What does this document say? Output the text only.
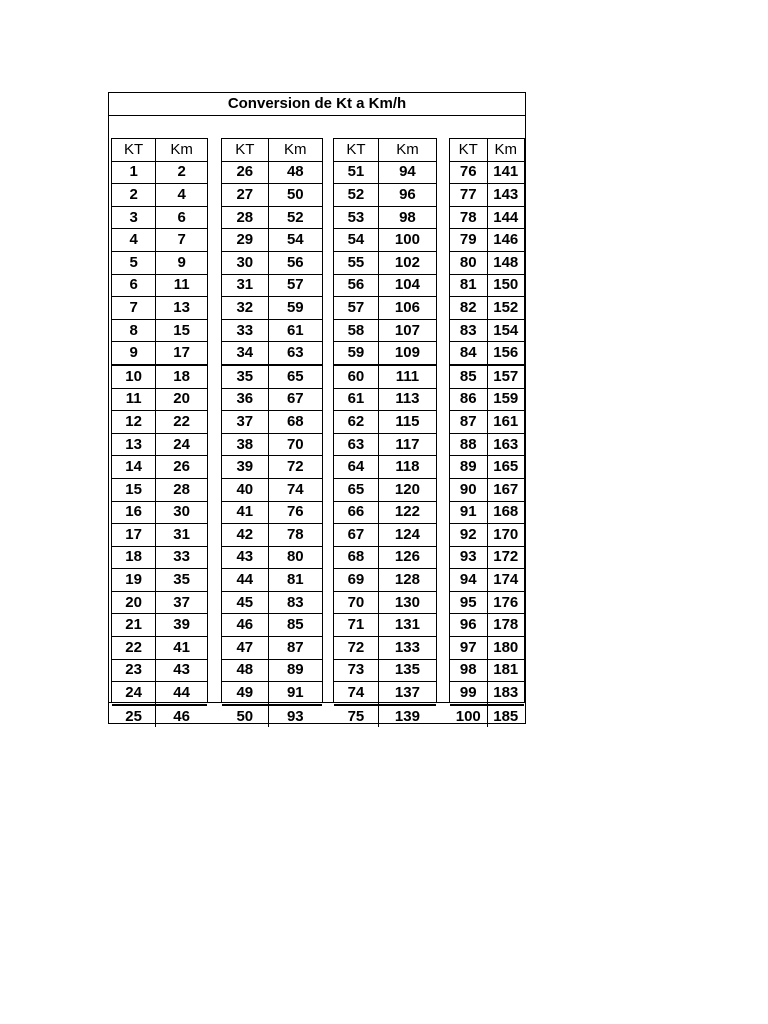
Conversion de Kt a Km/h
KT	Km
1	2
2	4
3	6
4	7
5	9
6	11
7	13
8	15
9	17
10	18
11	20
12	22
13	24
14	26
15	28
16	30
17	31
18	33
19	35
20	37
21	39
22	41
23	43
24	44
25	46
KT	Km
26	48
27	50
28	52
29	54
30	56
31	57
32	59
33	61
34	63
35	65
36	67
37	68
38	70
39	72
40	74
41	76
42	78
43	80
44	81
45	83
46	85
47	87
48	89
49	91
50	93
KT	Km
51	94
52	96
53	98
54	100
55	102
56	104
57	106
58	107
59	109
60	111
61	113
62	115
63	117
64	118
65	120
66	122
67	124
68	126
69	128
70	130
71	131
72	133
73	135
74	137
75	139
KT	Km
76	141
77	143
78	144
79	146
80	148
81	150
82	152
83	154
84	156
85	157
86	159
87	161
88	163
89	165
90	167
91	168
92	170
93	172
94	174
95	176
96	178
97	180
98	181
99	183
100	185
